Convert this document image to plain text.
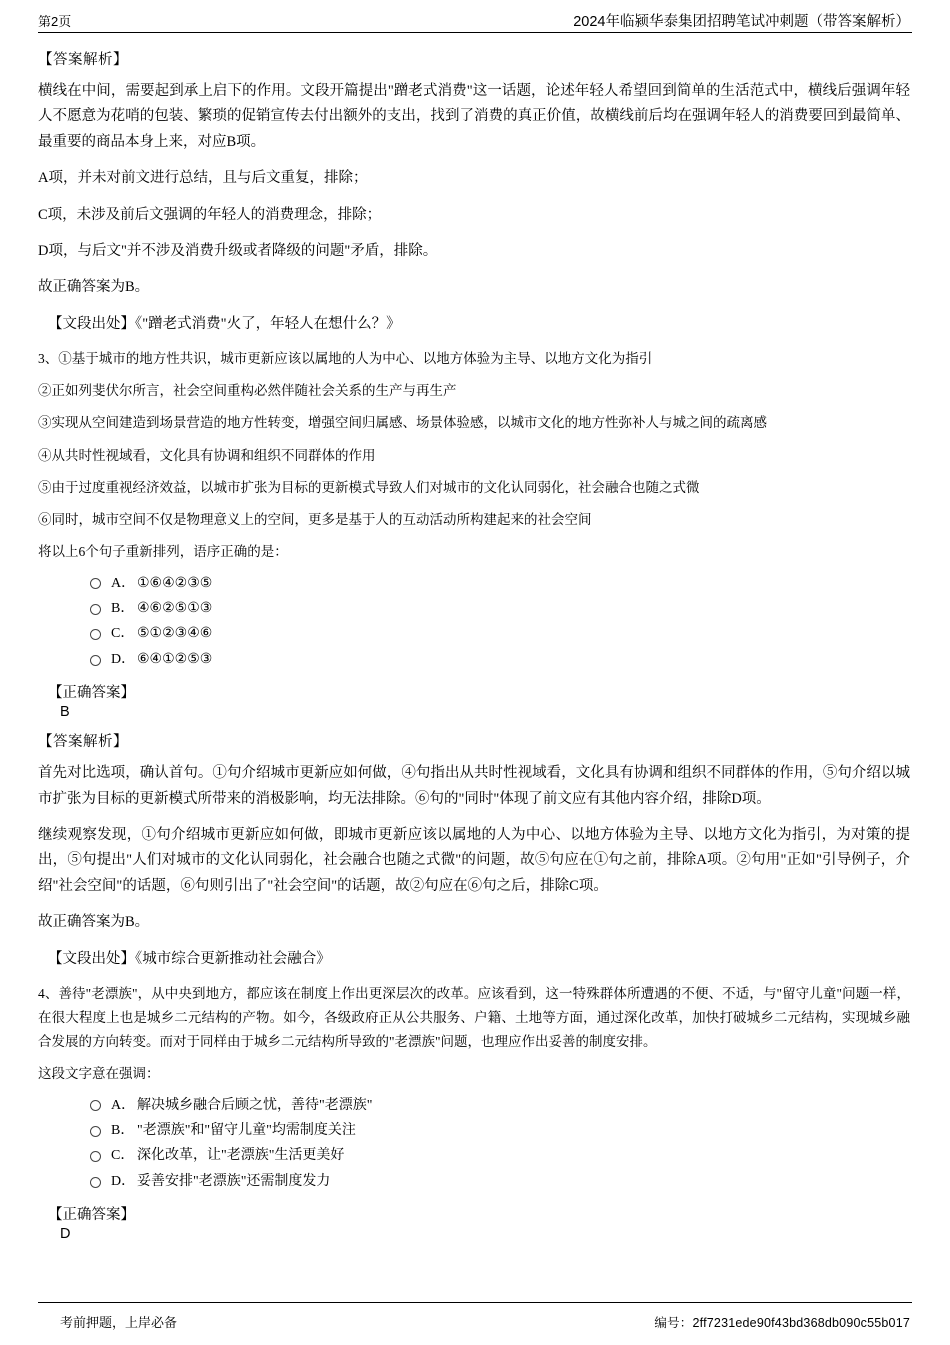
第2页	2024年临颍华泰集团招聘笔试冲刺题（带答案解析）
【答案解析】
横线在中间，需要起到承上启下的作用。文段开篇提出"蹭老式消费"这一话题，论述年轻人希望回到简单的生活范式中，横线后强调年轻人不愿意为花哨的包装、繁琐的促销宣传去付出额外的支出，找到了消费的真正价值，故横线前后均在强调年轻人的消费要回到最简单、最重要的商品本身上来，对应B项。
A项，并未对前文进行总结，且与后文重复，排除；
C项，未涉及前后文强调的年轻人的消费理念，排除；
D项，与后文"并不涉及消费升级或者降级的问题"矛盾，排除。
故正确答案为B。
【文段出处】《"蹭老式消费"火了，年轻人在想什么？》
3、①基于城市的地方性共识，城市更新应该以属地的人为中心、以地方体验为主导、以地方文化为指引
②正如列斐伏尔所言，社会空间重构必然伴随社会关系的生产与再生产
③实现从空间建造到场景营造的地方性转变，增强空间归属感、场景体验感，以城市文化的地方性弥补人与城之间的疏离感
④从共时性视域看，文化具有协调和组织不同群体的作用
⑤由于过度重视经济效益，以城市扩张为目标的更新模式导致人们对城市的文化认同弱化，社会融合也随之式微
⑥同时，城市空间不仅是物理意义上的空间，更多是基于人的互动活动所构建起来的社会空间
将以上6个句子重新排列，语序正确的是：
A． ①⑥④②③⑤
B． ④⑥②⑤①③
C． ⑤①②③④⑥
D． ⑥④①②⑤③
【正确答案】
B
【答案解析】
首先对比选项，确认首句。①句介绍城市更新应如何做，④句指出从共时性视域看，文化具有协调和组织不同群体的作用，⑤句介绍以城市扩张为目标的更新模式所带来的消极影响，均无法排除。⑥句的"同时"体现了前文应有其他内容介绍，排除D项。
继续观察发现，①句介绍城市更新应如何做，即城市更新应该以属地的人为中心、以地方体验为主导、以地方文化为指引，为对策的提出，⑤句提出"人们对城市的文化认同弱化，社会融合也随之式微"的问题，故⑤句应在①句之前，排除A项。②句用"正如"引导例子，介绍"社会空间"的话题，⑥句则引出了"社会空间"的话题，故②句应在⑥句之后，排除C项。
故正确答案为B。
【文段出处】《城市综合更新推动社会融合》
4、善待"老漂族"，从中央到地方，都应该在制度上作出更深层次的改革。应该看到，这一特殊群体所遭遇的不便、不适，与"留守儿童"问题一样，在很大程度上也是城乡二元结构的产物。如今，各级政府正从公共服务、户籍、土地等方面，通过深化改革，加快打破城乡二元结构，实现城乡融合发展的方向转变。而对于同样由于城乡二元结构所导致的"老漂族"问题，也理应作出妥善的制度安排。
这段文字意在强调：
A． 解决城乡融合后顾之忧，善待"老漂族"
B． "老漂族"和"留守儿童"均需制度关注
C． 深化改革，让"老漂族"生活更美好
D． 妥善安排"老漂族"还需制度发力
【正确答案】
D
考前押题，上岸必备	编号：2ff7231ede90f43bd368db090c55b017
